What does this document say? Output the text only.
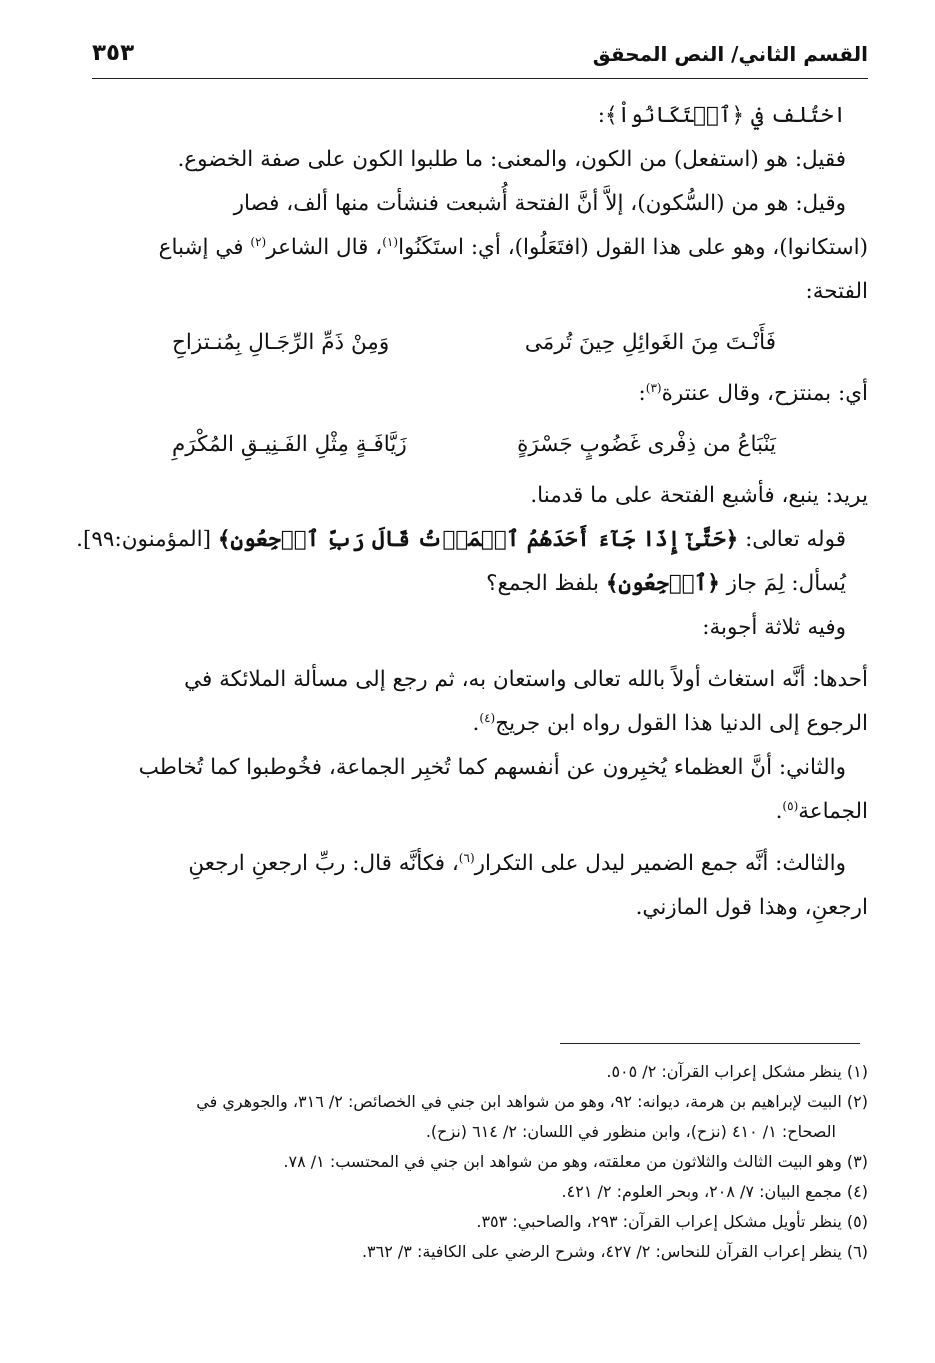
القسم الثاني/ النص المحقق
٣٥٣
اختُلف في ﴿ٱسۡتَكَانُواْ﴾:
فقيل: هو (استفعل) من الكون، والمعنى: ما طلبوا الكون على صفة الخضوع.
وقيل: هو من (السُّكون)، إلاَّ أنَّ الفتحة أُشبعت فنشأت منها ألف، فصار
(استكانوا)، وهو على هذا القول (افتَعَلُوا)، أي: استَكَنُوا$^{(١)}$، قال الشاعر$^{(٢)}$ في إشباع
الفتحة:
فَأَنْـتَ مِنَ الغَوائِلِ حِينَ تُرمَى
وَمِنْ ذَمِّ الرِّجَـالِ بِمُنـتزاحِ
أي: بمنتزح، وقال عنترة$^{(٣)}$:
يَنْبَاعُ من ذِفْرى غَضُوبٍ جَسْرَةٍ
زَيَّافَـةٍ مِثْلِ الفَـنِيـقِ المُكْرَمِ
يريد: ينبع، فأشبع الفتحة على ما قدمنا.
قوله تعالى: ﴿حَتَّىٰٓ إِذَا جَآءَ أَحَدَهُمُ ٱلۡمَوۡتُ قَالَ رَبِّ ٱرۡجِعُونِ﴾ [المؤمنون:٩٩].
يُسأل: لِمَ جاز ﴿ٱرۡجِعُونِ﴾ بلفظ الجمع؟
وفيه ثلاثة أجوبة:
أحدها: أنَّه استغاث أولاً بالله تعالى واستعان به، ثم رجع إلى مسألة الملائكة في
الرجوع إلى الدنيا هذا القول رواه ابن جريج$^{(٤)}$.
والثاني: أنَّ العظماء يُخبِرون عن أنفسهم كما تُخبِر الجماعة، فخُوطبوا كما تُخاطب
الجماعة$^{(٥)}$.
والثالث: أنَّه جمع الضمير ليدل على التكرار$^{(٦)}$، فكأنَّه قال: ربِّ ارجعنِ ارجعنِ
ارجعنِ، وهذا قول المازني.
(١) ينظر مشكل إعراب القرآن: ٢/ ٥٠٥.
(٢) البيت لإبراهيم بن هرمة، ديوانه: ٩٢، وهو من شواهد ابن جني في الخصائص: ٢/ ٣١٦، والجوهري في
الصحاح: ١/ ٤١٠ (نزح)، وابن منظور في اللسان: ٢/ ٦١٤ (نزح).
(٣) وهو البيت الثالث والثلاثون من معلقته، وهو من شواهد ابن جني في المحتسب: ١/ ٧٨.
(٤) مجمع البيان: ٧/ ٢٠٨، وبحر العلوم: ٢/ ٤٢١.
(٥) ينظر تأويل مشكل إعراب القرآن: ٢٩٣، والصاحبي: ٣٥٣.
(٦) ينظر إعراب القرآن للنحاس: ٢/ ٤٢٧، وشرح الرضي على الكافية: ٣/ ٣٦٢.
